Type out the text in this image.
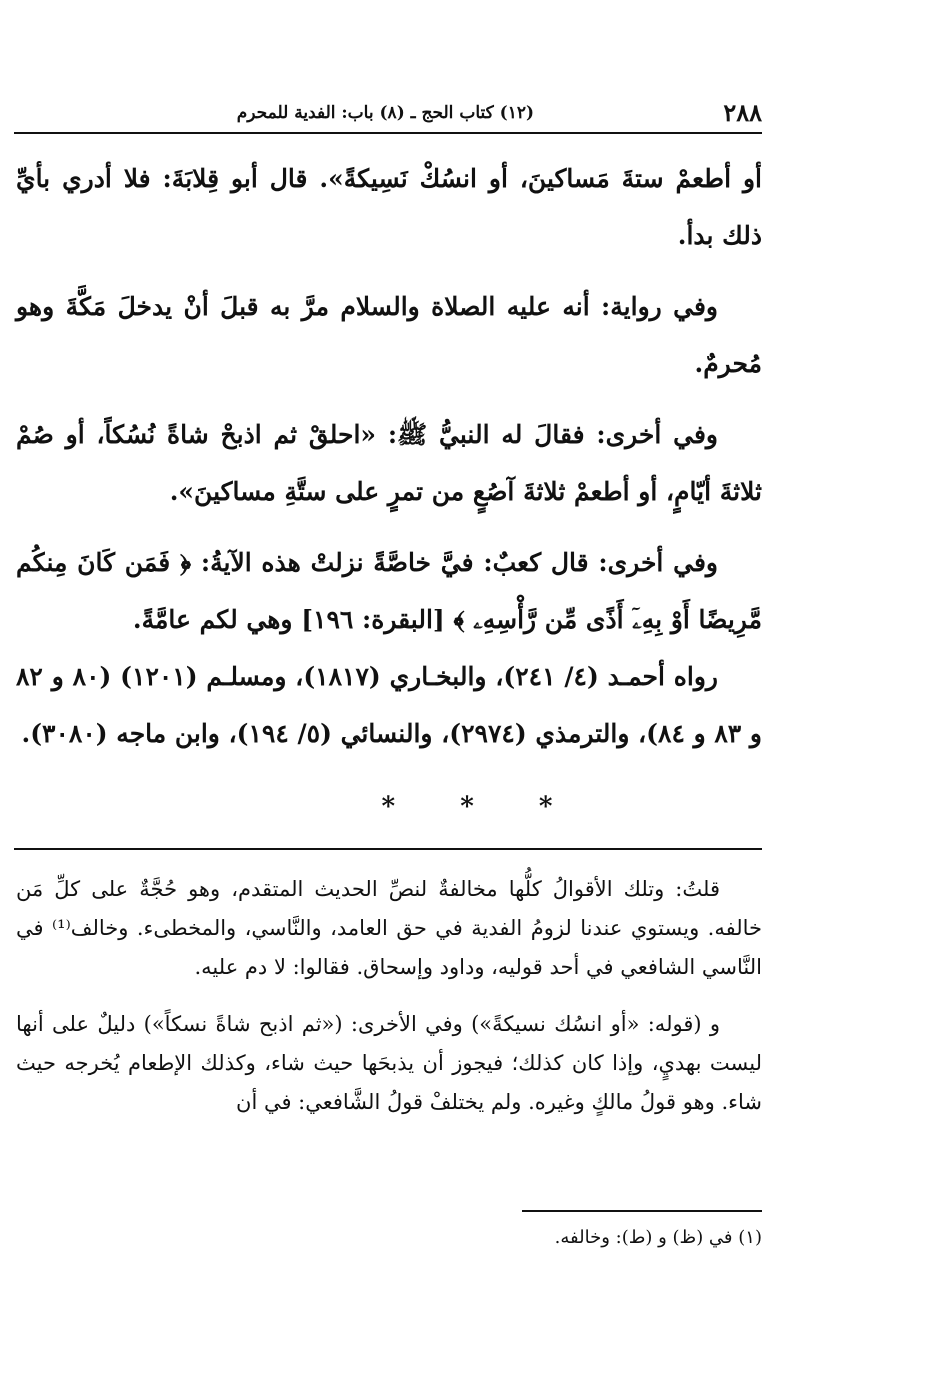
٢٨٨
(١٢) كتاب الحج ـ (٨) باب: الفدية للمحرم

أو أطعمْ ستةَ مَساكينَ، أو انسُكْ نَسِيكةً». قال أبو قِلابَةَ: فلا أدري بأيِّ ذلك بدأ.

وفي رواية: أنه عليه الصلاة والسلام مرَّ به قبلَ أنْ يدخلَ مَكَّةَ وهو مُحرمٌ.

وفي أخرى: فقالَ له النبيُّ ﷺ: «احلقْ ثم اذبحْ شاةً نُسُكاً، أو صُمْ ثلاثةَ أيّامٍ، أو أطعمْ ثلاثةَ آصُعٍ من تمرٍ على ستَّةِ مساكينَ».

وفي أخرى: قال كعبٌ: فيَّ خاصَّةً نزلتْ هذه الآيةُ: ﴿ فَمَن كَانَ مِنكُم مَّرِيضًا أَوْ بِهِۦٓ أَذًى مِّن رَّأْسِهِۦ ﴾ [البقرة: ١٩٦] وهي لكم عامَّةً.

رواه أحمـد (٤/ ٢٤١)، والبخـاري (١٨١٧)، ومسلـم (١٢٠١) (٨٠ و ٨٢ و ٨٣ و ٨٤)، والترمذي (٢٩٧٤)، والنسائي (٥/ ١٩٤)، وابن ماجه (٣٠٨٠).

*	*	*

قلتُ: وتلك الأقوالُ كلُّها مخالفةٌ لنصِّ الحديث المتقدم، وهو حُجَّةٌ على كلِّ مَن خالفه. ويستوي عندنا لزومُ الفدية في حق العامد، والنَّاسي، والمخطىء. وخالف⁽¹⁾ في النَّاسي الشافعي في أحد قوليه، وداود وإسحاق. فقالوا: لا دم عليه.

و (قوله: «أو انسُك نسيكةً») وفي الأخرى: («ثم اذبح شاةً نسكاً») دليلٌ على أنها ليست بهديٍ، وإذا كان كذلك؛ فيجوز أن يذبحَها حيث شاء، وكذلك الإطعام يُخرجه حيث شاء. وهو قولُ مالكٍ وغيره. ولم يختلفْ قولُ الشَّافعي: في أن

(١) في (ظ) و (ط): وخالفه.
